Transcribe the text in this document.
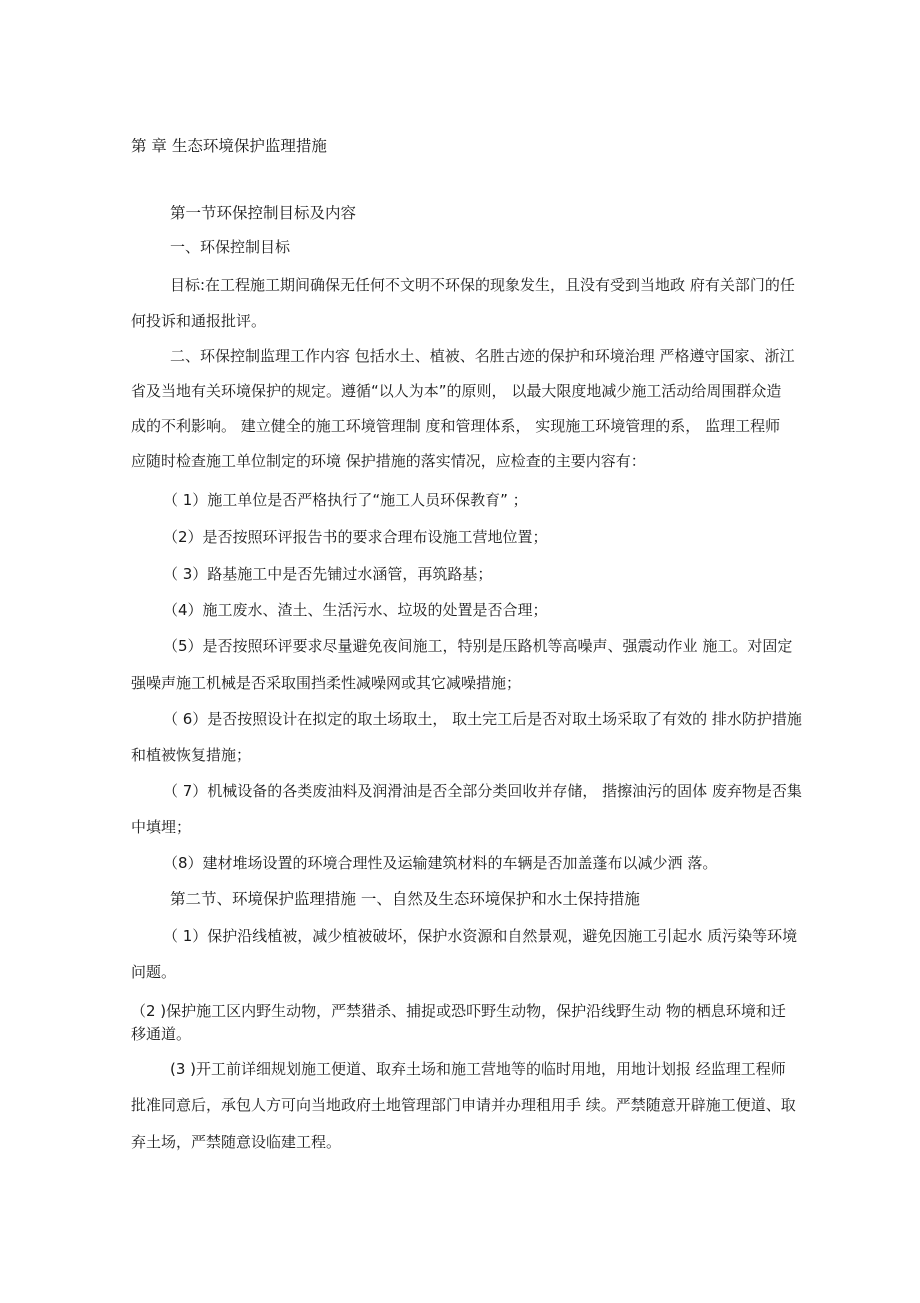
第 章 生态环境保护监理措施
第一节环保控制目标及内容
一、环保控制目标
目标:在工程施工期间确保无任何不文明不环保的现象发生，且没有受到当地政 府有关部门的任
何投诉和通报批评。
二、环保控制监理工作内容 包括水土、植被、名胜古迹的保护和环境治理 严格遵守国家、浙江
省及当地有关环境保护的规定。遵循“以人为本”的原则， 以最大限度地减少施工活动给周围群众造
成的不利影响。 建立健全的施工环境管理制 度和管理体系， 实现施工环境管理的系， 监理工程师
应随时检查施工单位制定的环境 保护措施的落实情况，应检查的主要内容有：
（ 1）施工单位是否严格执行了“施工人员环保教育” ；
（2）是否按照环评报告书的要求合理布设施工营地位置；
（ 3）路基施工中是否先铺过水涵管，再筑路基；
（4）施工废水、渣土、生活污水、垃圾的处置是否合理；
（5）是否按照环评要求尽量避免夜间施工，特别是压路机等高噪声、强震动作业 施工。对固定
强噪声施工机械是否采取围挡柔性减噪网或其它减噪措施；
（ 6）是否按照设计在拟定的取土场取土， 取土完工后是否对取土场采取了有效的 排水防护措施
和植被恢复措施；
（ 7）机械设备的各类废油料及润滑油是否全部分类回收并存储， 揩擦油污的固体 废弃物是否集
中填埋；
（8）建材堆场设置的环境合理性及运输建筑材料的车辆是否加盖蓬布以减少洒 落。
第二节、环境保护监理措施 一、自然及生态环境保护和水土保持措施
（ 1）保护沿线植被，减少植被破坏，保护水资源和自然景观，避免因施工引起水 质污染等环境
问题。
（2 )保护施工区内野生动物，严禁猎杀、捕捉或恐吓野生动物，保护沿线野生动 物的栖息环境和迁
移通道。
(3 )开工前详细规划施工便道、取弃土场和施工营地等的临时用地，用地计划报 经监理工程师
批准同意后，承包人方可向当地政府土地管理部门申请并办理租用手 续。严禁随意开辟施工便道、取
弃土场，严禁随意设临建工程。
